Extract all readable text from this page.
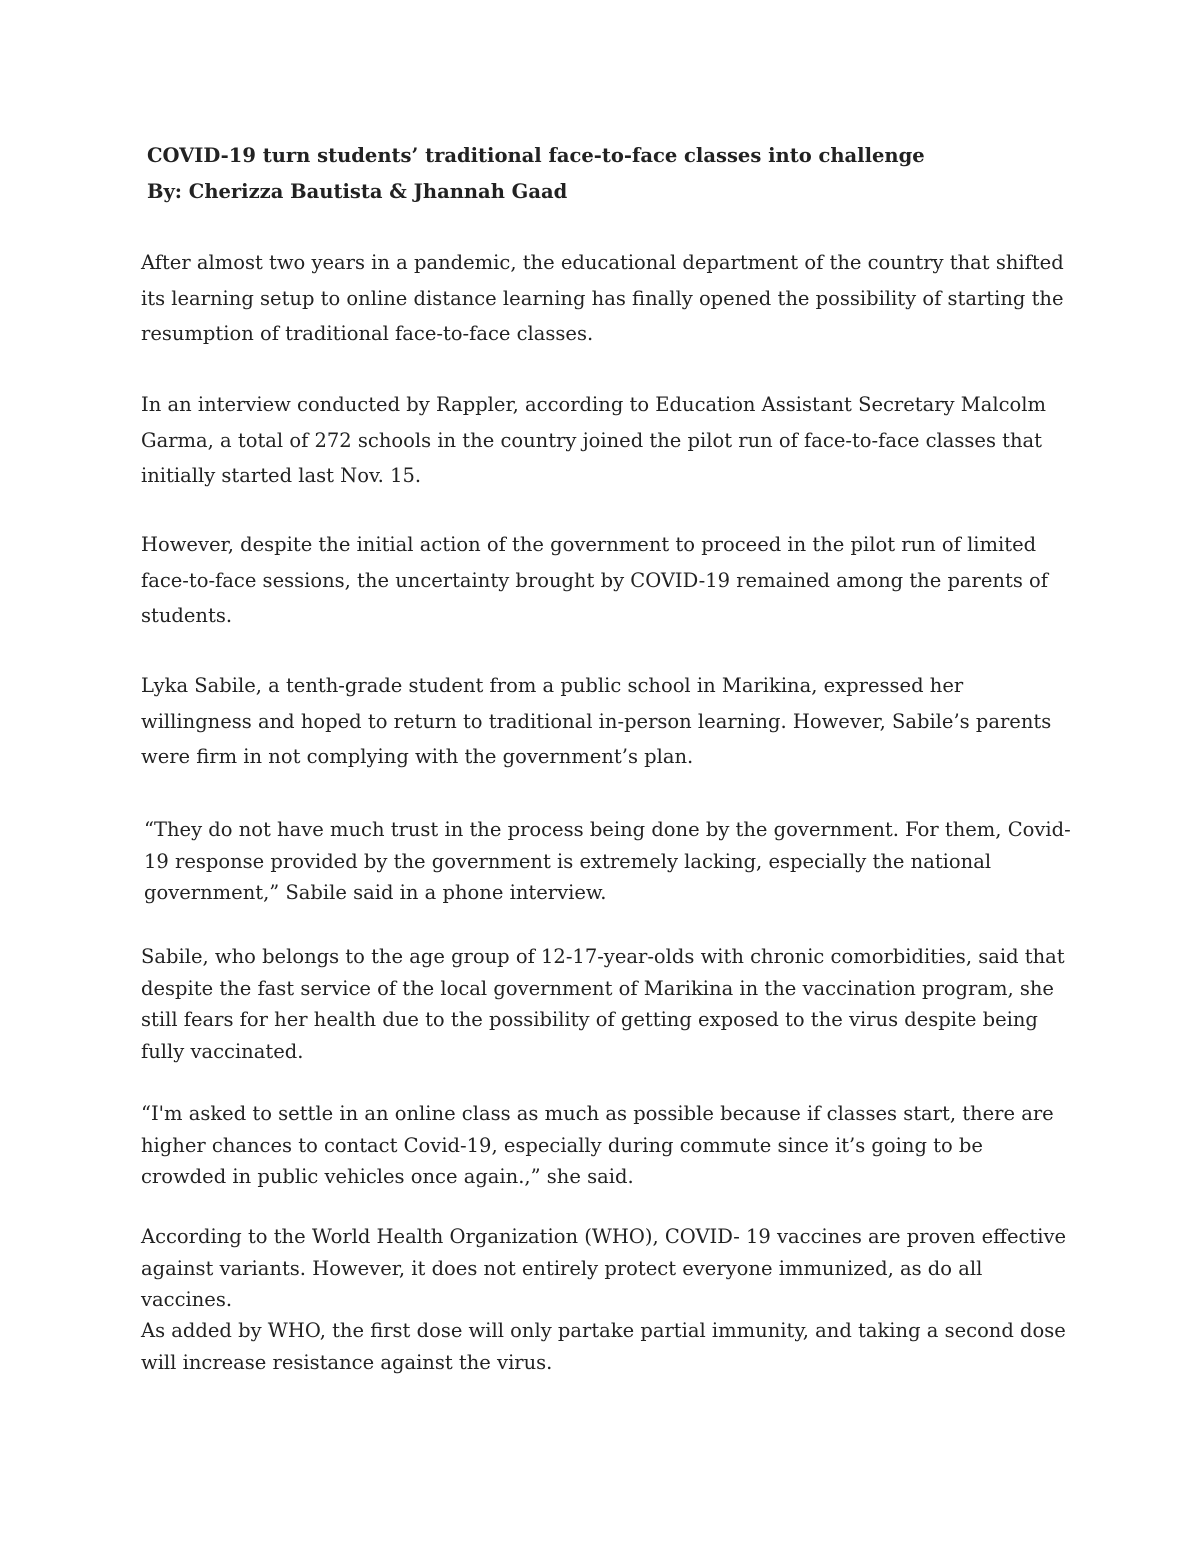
COVID-19 turn students’ traditional face-to-face classes into challenge
By: Cherizza Bautista & Jhannah Gaad

After almost two years in a pandemic, the educational department of the country that shifted its learning setup to online distance learning has finally opened the possibility of starting the resumption of traditional face-to-face classes.

In an interview conducted by Rappler, according to Education Assistant Secretary Malcolm Garma, a total of 272 schools in the country joined the pilot run of face-to-face classes that initially started last Nov. 15.

However, despite the initial action of the government to proceed in the pilot run of limited face-to-face sessions, the uncertainty brought by COVID-19 remained among the parents of students.

Lyka Sabile, a tenth-grade student from a public school in Marikina, expressed her willingness and hoped to return to traditional in-person learning. However, Sabile’s parents were firm in not complying with the government’s plan.

“They do not have much trust in the process being done by the government. For them, Covid-19 response provided by the government is extremely lacking, especially the national government,” Sabile said in a phone interview.

Sabile, who belongs to the age group of 12-17-year-olds with chronic comorbidities, said that despite the fast service of the local government of Marikina in the vaccination program, she still fears for her health due to the possibility of getting exposed to the virus despite being fully vaccinated.

“I'm asked to settle in an online class as much as possible because if classes start, there are higher chances to contact Covid-19, especially during commute since it’s going to be crowded in public vehicles once again.,” she said.

According to the World Health Organization (WHO), COVID- 19 vaccines are proven effective against variants. However, it does not entirely protect everyone immunized, as do all vaccines.

As added by WHO, the first dose will only partake partial immunity, and taking a second dose will increase resistance against the virus.
